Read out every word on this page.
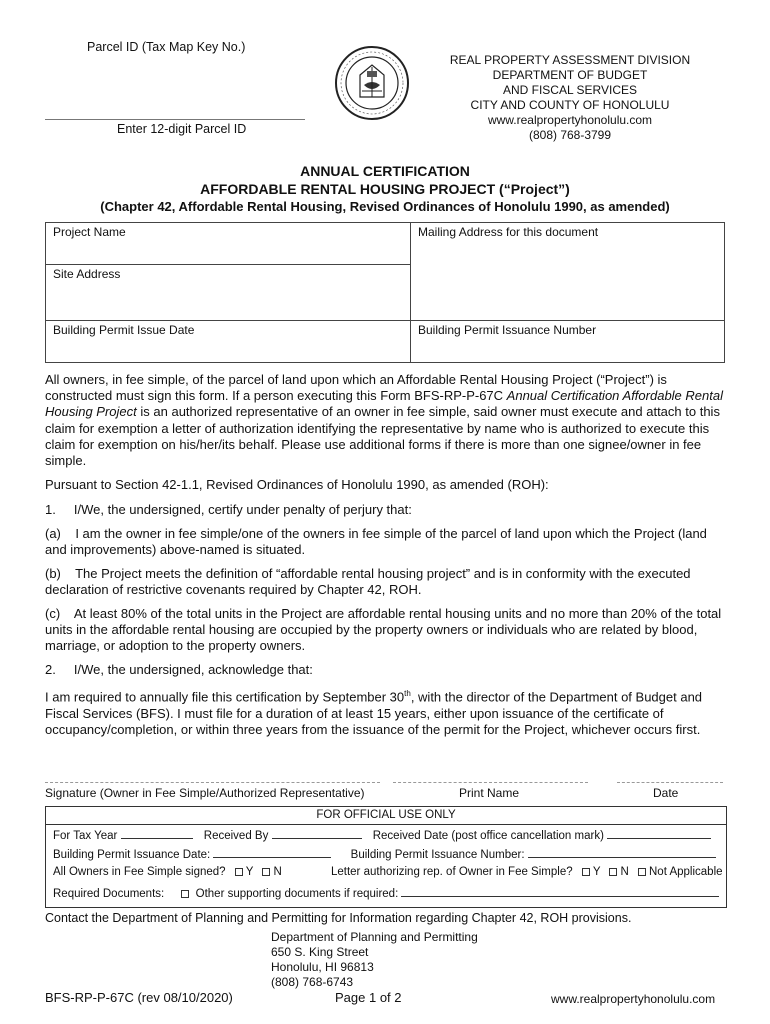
Parcel ID (Tax Map Key No.)
Enter 12-digit Parcel ID
REAL PROPERTY ASSESSMENT DIVISION
DEPARTMENT OF BUDGET
AND FISCAL SERVICES
CITY AND COUNTY OF HONOLULU
www.realpropertyhonolulu.com
(808) 768-3799
ANNUAL CERTIFICATION
AFFORDABLE RENTAL HOUSING PROJECT (“Project”)
(Chapter 42, Affordable Rental Housing, Revised Ordinances of Honolulu 1990, as amended)
Project Name	Mailing Address for this document
Site Address	
Building Permit Issue Date	Building Permit Issuance Number
All owners, in fee simple, of the parcel of land upon which an Affordable Rental Housing Project (“Project”) is constructed must sign this form. If a person executing this Form BFS-RP-P-67C Annual Certification Affordable Rental Housing Project is an authorized representative of an owner in fee simple, said owner must execute and attach to this claim for exemption a letter of authorization identifying the representative by name who is authorized to execute this claim for exemption on his/her/its behalf. Please use additional forms if there is more than one signee/owner in fee simple.
Pursuant to Section 42-1.1, Revised Ordinances of Honolulu 1990, as amended (ROH):
1.     I/We, the undersigned, certify under penalty of perjury that:
(a)    I am the owner in fee simple/one of the owners in fee simple of the parcel of land upon which the Project (land and improvements) above-named is situated.
(b)    The Project meets the definition of “affordable rental housing project” and is in conformity with the executed declaration of restrictive covenants required by Chapter 42, ROH.
(c)    At least 80% of the total units in the Project are affordable rental housing units and no more than 20% of the total units in the affordable rental housing are occupied by the property owners or individuals who are related by blood, marriage, or adoption to the property owners.
2.     I/We, the undersigned, acknowledge that:
I am required to annually file this certification by September 30th, with the director of the Department of Budget and Fiscal Services (BFS). I must file for a duration of at least 15 years, either upon issuance of the certificate of occupancy/completion, or within three years from the issuance of the permit for the Project, whichever occurs first.
Signature (Owner in Fee Simple/Authorized Representative)	Print Name	Date
FOR OFFICIAL USE ONLY
For Tax Year	Received By	Received Date (post office cancellation mark)
Building Permit Issuance Date:	Building Permit Issuance Number:
All Owners in Fee Simple signed? Y N	Letter authorizing rep. of Owner in Fee Simple? Y N Not Applicable
Required Documents:	Other supporting documents if required:
Contact the Department of Planning and Permitting for Information regarding Chapter 42, ROH provisions.
Department of Planning and Permitting
650 S. King Street
Honolulu, HI 96813
(808) 768-6743
BFS-RP-P-67C (rev 08/10/2020)	Page 1 of 2	www.realpropertyhonolulu.com
